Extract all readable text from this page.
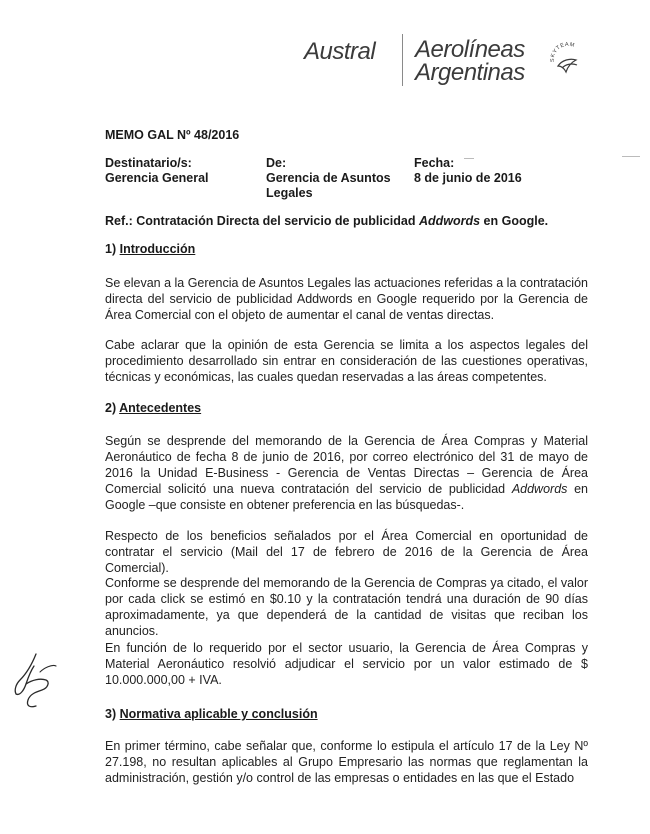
Austral Aerolíneas
Argentinas	SKYTEAM
MEMO GAL Nº 48/2016
Destinatario/s:
Gerencia General
De:
Gerencia de Asuntos Legales
Fecha:
8 de junio de 2016
Ref.: Contratación Directa del servicio de publicidad Addwords en Google.
1) Introducción
Se elevan a la Gerencia de Asuntos Legales las actuaciones referidas a la contratación directa del servicio de publicidad Addwords en Google requerido por la Gerencia de Área Comercial con el objeto de aumentar el canal de ventas directas.
Cabe aclarar que la opinión de esta Gerencia se limita a los aspectos legales del procedimiento desarrollado sin entrar en consideración de las cuestiones operativas, técnicas y económicas, las cuales quedan reservadas a las áreas competentes.
2) Antecedentes
Según se desprende del memorando de la Gerencia de Área Compras y Material Aeronáutico de fecha 8 de junio de 2016, por correo electrónico del 31 de mayo de 2016 la Unidad E-Business - Gerencia de Ventas Directas – Gerencia de Área Comercial solicitó una nueva contratación del servicio de publicidad Addwords en Google –que consiste en obtener preferencia en las búsquedas-.
Respecto de los beneficios señalados por el Área Comercial en oportunidad de contratar el servicio (Mail del 17 de febrero de 2016 de la Gerencia de Área Comercial).
Conforme se desprende del memorando de la Gerencia de Compras ya citado, el valor por cada click se estimó en $0.10 y la contratación tendrá una duración de 90 días aproximadamente, ya que dependerá de la cantidad de visitas que reciban los anuncios.
En función de lo requerido por el sector usuario, la Gerencia de Área Compras y Material Aeronáutico resolvió adjudicar el servicio por un valor estimado de $ 10.000.000,00 + IVA.
3) Normativa aplicable y conclusión
En primer término, cabe señalar que, conforme lo estipula el artículo 17 de la Ley Nº 27.198, no resultan aplicables al Grupo Empresario las normas que reglamentan la administración, gestión y/o control de las empresas o entidades en las que el Estado
